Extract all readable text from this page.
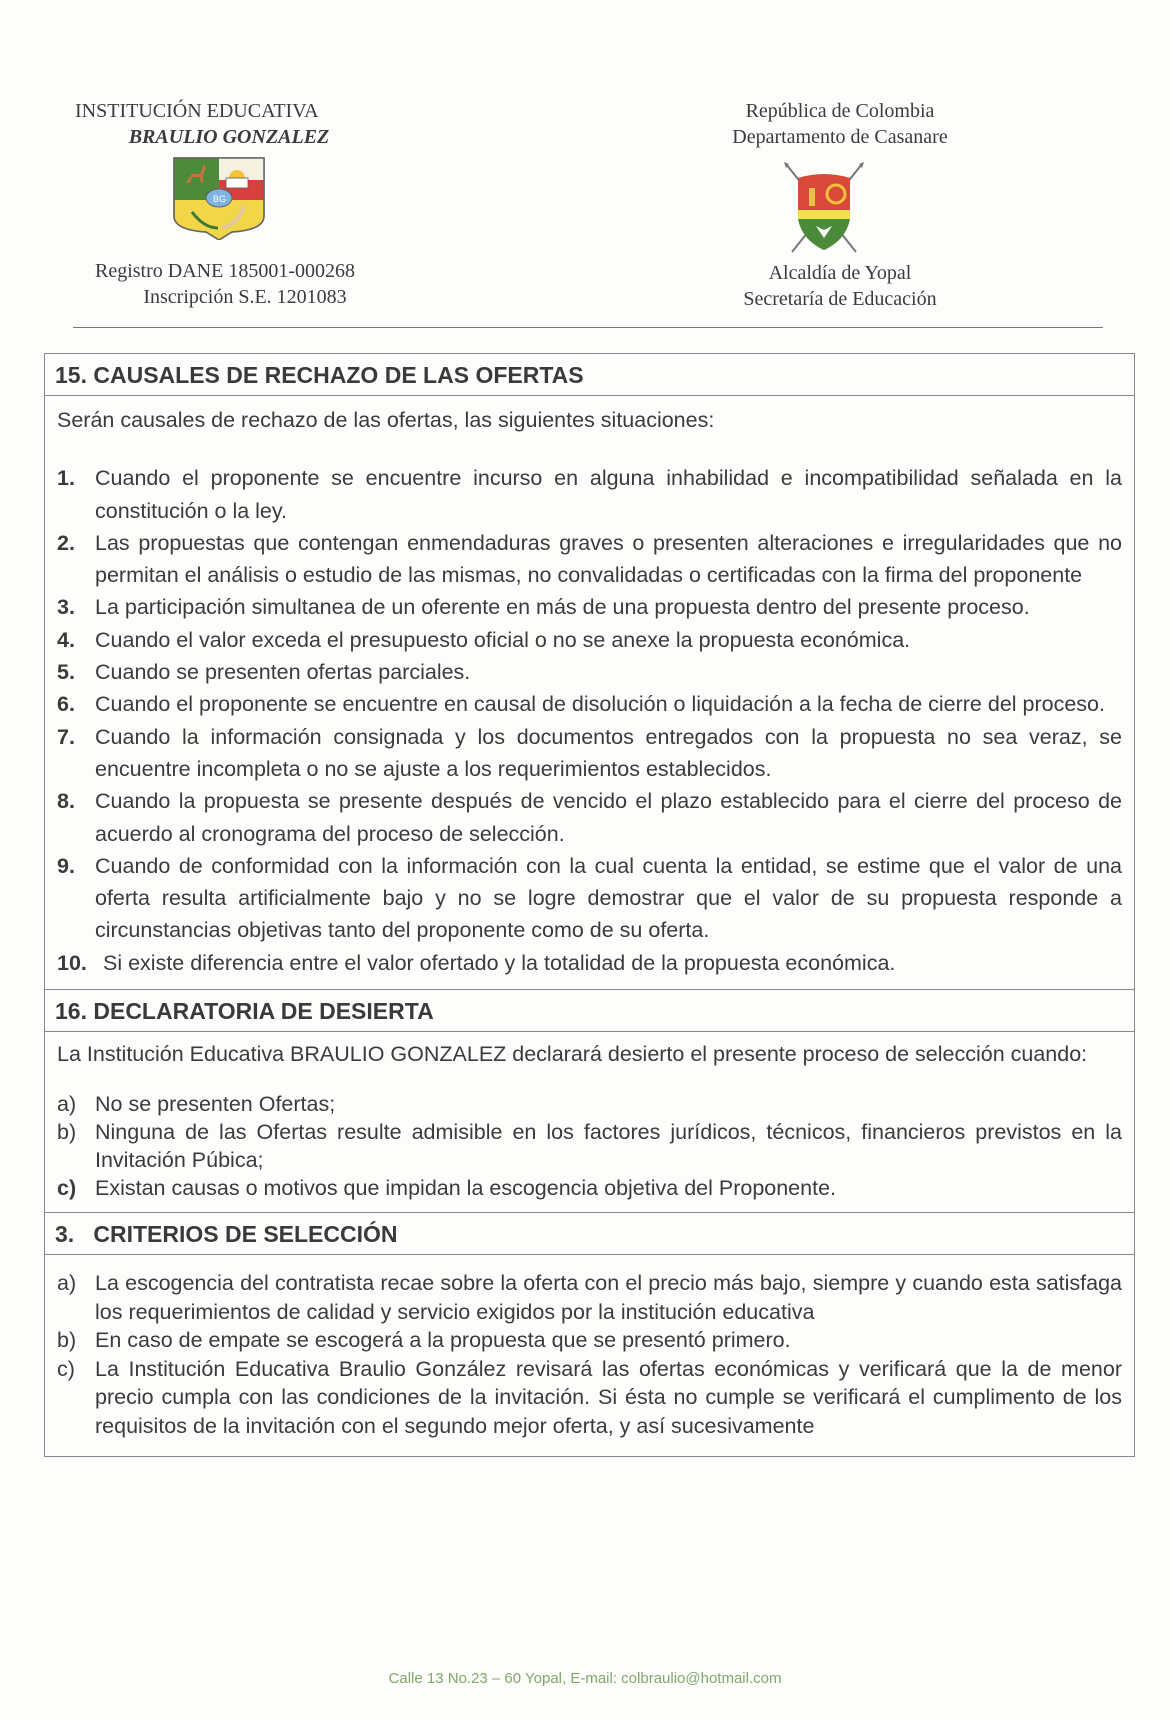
INSTITUCIÓN EDUCATIVA
BRAULIO GONZALEZ
Registro DANE 185001-000268
Inscripción S.E. 1201083
BG
República de Colombia
Departamento de Casanare
Alcaldía de Yopal
Secretaría de Educación
15. CAUSALES DE RECHAZO DE LAS OFERTAS
Serán causales de rechazo de las ofertas, las siguientes situaciones:
1. Cuando el proponente se encuentre incurso en alguna inhabilidad e incompatibilidad señalada en la constitución o la ley.
2. Las propuestas que contengan enmendaduras graves o presenten alteraciones e irregularidades que no permitan el análisis o estudio de las mismas, no convalidadas o certificadas con la firma del proponente
3. La participación simultanea de un oferente en más de una propuesta dentro del presente proceso.
4. Cuando el valor exceda el presupuesto oficial o no se anexe la propuesta económica.
5. Cuando se presenten ofertas parciales.
6. Cuando el proponente se encuentre en causal de disolución o liquidación a la fecha de cierre del proceso.
7. Cuando la información consignada y los documentos entregados con la propuesta no sea veraz, se encuentre incompleta o no se ajuste a los requerimientos establecidos.
8. Cuando la propuesta se presente después de vencido el plazo establecido para el cierre del proceso de acuerdo al cronograma del proceso de selección.
9. Cuando de conformidad con la información con la cual cuenta la entidad, se estime que el valor de una oferta resulta artificialmente bajo y no se logre demostrar que el valor de su propuesta responde a circunstancias objetivas tanto del proponente como de su oferta.
10. Si existe diferencia entre el valor ofertado y la totalidad de la propuesta económica.
16. DECLARATORIA DE DESIERTA
La Institución Educativa BRAULIO GONZALEZ declarará desierto el presente proceso de selección cuando:
a) No se presenten Ofertas;
b) Ninguna de las Ofertas resulte admisible en los factores jurídicos, técnicos, financieros previstos en la Invitación Púbica;
c) Existan causas o motivos que impidan la escogencia objetiva del Proponente.
3.   CRITERIOS DE SELECCIÓN
a) La escogencia del contratista recae sobre la oferta con el precio más bajo, siempre y cuando esta satisfaga los requerimientos de calidad y servicio exigidos por la institución educativa
b) En caso de empate se escogerá a la propuesta que se presentó primero.
c) La Institución Educativa Braulio González revisará las ofertas económicas y verificará que la de menor precio cumpla con las condiciones de la invitación. Si ésta no cumple se verificará el cumplimento de los requisitos de la invitación con el segundo mejor oferta, y así sucesivamente
Calle 13 No.23 – 60 Yopal, E-mail: colbraulio@hotmail.com
